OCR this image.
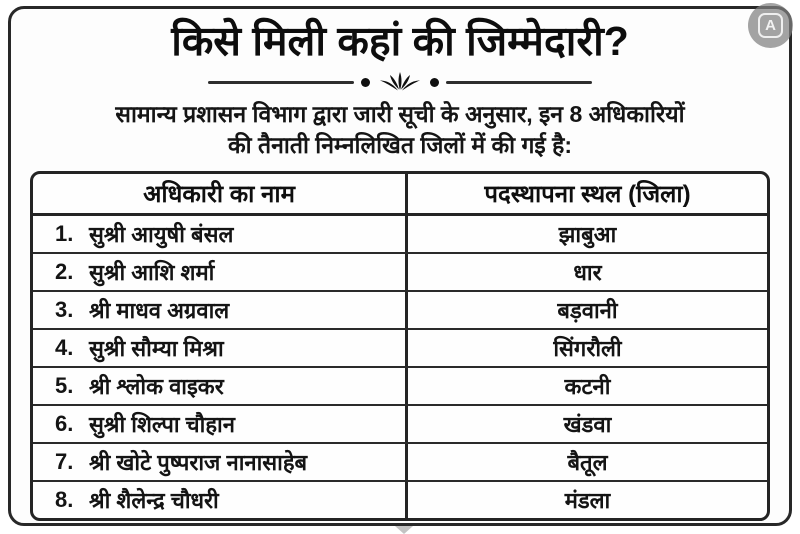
किसे मिली कहां की जिम्मेदारी?
सामान्य प्रशासन विभाग द्वारा जारी सूची के अनुसार, इन 8 अधिकारियों
की तैनाती निम्नलिखित जिलों में की गई है:
अधिकारी का नाम	पदस्थापना स्थल (जिला)
1. सुश्री आयुषी बंसल	झाबुआ
2. सुश्री आशि शर्मा	धार
3. श्री माधव अग्रवाल	बड़वानी
4. सुश्री सौम्या मिश्रा	सिंगरौली
5. श्री श्लोक वाइकर	कटनी
6. सुश्री शिल्पा चौहान	खंडवा
7. श्री खोटे पुष्पराज नानासाहेब	बैतूल
8. श्री शैलेन्द्र चौधरी	मंडला
A
